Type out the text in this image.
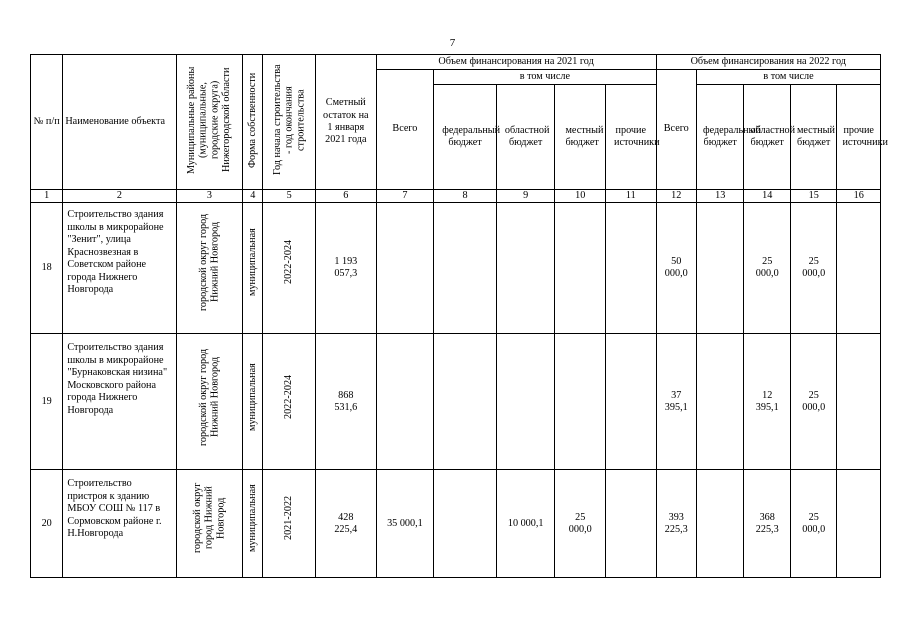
7
№ п/п	Наименование объекта	Муниципальные районы (муниципальные, городские округа) Нижегородской области	Форма собственности	Год начала строительства - год окончания строительства	Сметный остаток на 1 января 2021 года	Объем финансирования на 2021 год					Объем финансирования на 2022 год				
						Всего	в том числе				Всего	в том числе			

							федеральный бюджет	областной бюджет	местный бюджет	прочие источники		федеральный бюджет	областной бюджет	местный бюджет	прочие источники

1	2	3	4	5	6	7	8	9	10	11	12	13	14	15	16
18	Строительство здания школы в микрорайоне "Зенит", улица Краснозвезная в Советском районе города Нижнего Новгорода	городской округ город Нижний Новгород	муниципальная	2022-2024	1 193 057,3						50 000,0		25 000,0	25 000,0	

19	Строительство здания школы в микрорайоне "Бурнаковская низина" Московского района города Нижнего Новгорода	городской округ город Нижний Новгород	муниципальная	2022-2024	868 531,6						37 395,1		12 395,1	25 000,0	

20	Строительство пристроя к зданию МБОУ СОШ № 117 в Сормовском районе г. Н.Новгорода	городской округ город Нижний Новгород	муниципальная	2021-2022	428 225,4	35 000,1		10 000,1	25 000,0		393 225,3		368 225,3	25 000,0	
